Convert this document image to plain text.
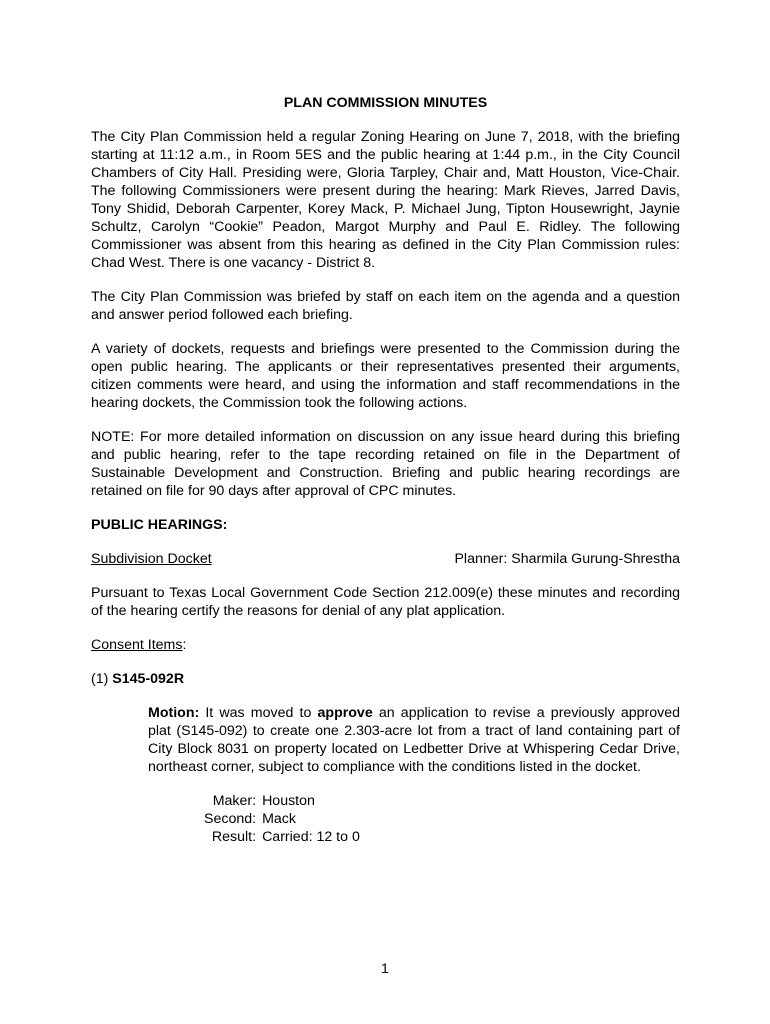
PLAN COMMISSION MINUTES

The City Plan Commission held a regular Zoning Hearing on June 7, 2018, with the briefing starting at 11:12 a.m., in Room 5ES and the public hearing at 1:44 p.m., in the City Council Chambers of City Hall. Presiding were, Gloria Tarpley, Chair and, Matt Houston, Vice-Chair. The following Commissioners were present during the hearing: Mark Rieves, Jarred Davis, Tony Shidid, Deborah Carpenter, Korey Mack, P. Michael Jung, Tipton Housewright, Jaynie Schultz, Carolyn “Cookie” Peadon, Margot Murphy and Paul E. Ridley. The following Commissioner was absent from this hearing as defined in the City Plan Commission rules: Chad West. There is one vacancy - District 8.

The City Plan Commission was briefed by staff on each item on the agenda and a question and answer period followed each briefing.

A variety of dockets, requests and briefings were presented to the Commission during the open public hearing. The applicants or their representatives presented their arguments, citizen comments were heard, and using the information and staff recommendations in the hearing dockets, the Commission took the following actions.

NOTE: For more detailed information on discussion on any issue heard during this briefing and public hearing, refer to the tape recording retained on file in the Department of Sustainable Development and Construction. Briefing and public hearing recordings are retained on file for 90 days after approval of CPC minutes.

PUBLIC HEARINGS:
Subdivision Docket	Planner: Sharmila Gurung-Shrestha

Pursuant to Texas Local Government Code Section 212.009(e) these minutes and recording of the hearing certify the reasons for denial of any plat application.

Consent Items:
(1) S145-092R
Motion: It was moved to approve an application to revise a previously approved plat (S145-092) to create one 2.303-acre lot from a tract of land containing part of City Block 8031 on property located on Ledbetter Drive at Whispering Cedar Drive, northeast corner, subject to compliance with the conditions listed in the docket.
Maker: Houston
Second: Mack
Result: Carried: 12 to 0
1
